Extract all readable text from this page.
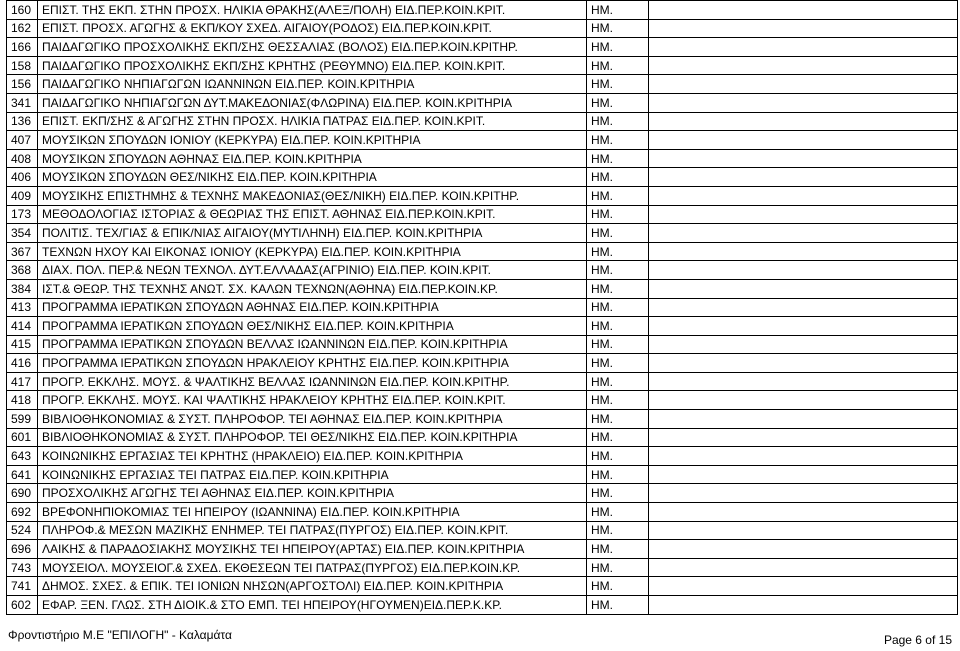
160	ΕΠΙΣΤ. ΤΗΣ ΕΚΠ. ΣΤΗΝ ΠΡΟΣΧ. ΗΛΙΚΙΑ ΘΡΑΚΗΣ(ΑΛΕΞ/ΠΟΛΗ) ΕΙΔ.ΠΕΡ.ΚΟΙΝ.ΚΡΙΤ.	ΗΜ.	
162	ΕΠΙΣΤ. ΠΡΟΣΧ. ΑΓΩΓΗΣ & ΕΚΠ/ΚΟΥ ΣΧΕΔ. ΑΙΓΑΙΟΥ(ΡΟΔΟΣ) ΕΙΔ.ΠΕΡ.ΚΟΙΝ.ΚΡΙΤ.	ΗΜ.	
166	ΠΑΙΔΑΓΩΓΙΚΟ ΠΡΟΣΧΟΛΙΚΗΣ ΕΚΠ/ΣΗΣ ΘΕΣΣΑΛΙΑΣ (ΒΟΛΟΣ) ΕΙΔ.ΠΕΡ.ΚΟΙΝ.ΚΡΙΤΗΡ.	ΗΜ.	
158	ΠΑΙΔΑΓΩΓΙΚΟ ΠΡΟΣΧΟΛΙΚΗΣ ΕΚΠ/ΣΗΣ ΚΡΗΤΗΣ (ΡΕΘΥΜΝΟ) ΕΙΔ.ΠΕΡ. ΚΟΙΝ.ΚΡΙΤ.	ΗΜ.	
156	ΠΑΙΔΑΓΩΓΙΚΟ ΝΗΠΙΑΓΩΓΩΝ ΙΩΑΝΝΙΝΩΝ ΕΙΔ.ΠΕΡ. ΚΟΙΝ.ΚΡΙΤΗΡΙΑ	ΗΜ.	
341	ΠΑΙΔΑΓΩΓΙΚΟ ΝΗΠΙΑΓΩΓΩΝ ΔΥΤ.ΜΑΚΕΔΟΝΙΑΣ(ΦΛΩΡΙΝΑ) ΕΙΔ.ΠΕΡ. ΚΟΙΝ.ΚΡΙΤΗΡΙΑ	ΗΜ.	
136	ΕΠΙΣΤ. ΕΚΠ/ΣΗΣ & ΑΓΩΓΗΣ ΣΤΗΝ ΠΡΟΣΧ. ΗΛΙΚΙΑ ΠΑΤΡΑΣ ΕΙΔ.ΠΕΡ. ΚΟΙΝ.ΚΡΙΤ.	ΗΜ.	
407	ΜΟΥΣΙΚΩΝ ΣΠΟΥΔΩΝ ΙΟΝΙΟΥ (ΚΕΡΚΥΡΑ) ΕΙΔ.ΠΕΡ. ΚΟΙΝ.ΚΡΙΤΗΡΙΑ	ΗΜ.	
408	ΜΟΥΣΙΚΩΝ ΣΠΟΥΔΩΝ ΑΘΗΝΑΣ ΕΙΔ.ΠΕΡ. ΚΟΙΝ.ΚΡΙΤΗΡΙΑ	ΗΜ.	
406	ΜΟΥΣΙΚΩΝ ΣΠΟΥΔΩΝ ΘΕΣ/ΝΙΚΗΣ ΕΙΔ.ΠΕΡ. ΚΟΙΝ.ΚΡΙΤΗΡΙΑ	ΗΜ.	
409	ΜΟΥΣΙΚΗΣ ΕΠΙΣΤΗΜΗΣ & ΤΕΧΝΗΣ ΜΑΚΕΔΟΝΙΑΣ(ΘΕΣ/ΝΙΚΗ) ΕΙΔ.ΠΕΡ. ΚΟΙΝ.ΚΡΙΤΗΡ.	ΗΜ.	
173	ΜΕΘΟΔΟΛΟΓΙΑΣ ΙΣΤΟΡΙΑΣ & ΘΕΩΡΙΑΣ ΤΗΣ ΕΠΙΣΤ. ΑΘΗΝΑΣ ΕΙΔ.ΠΕΡ.ΚΟΙΝ.ΚΡΙΤ.	ΗΜ.	
354	ΠΟΛΙΤΙΣ. ΤΕΧ/ΓΙΑΣ & ΕΠΙΚ/ΝΙΑΣ ΑΙΓΑΙΟΥ(ΜΥΤΙΛΗΝΗ) ΕΙΔ.ΠΕΡ. ΚΟΙΝ.ΚΡΙΤΗΡΙΑ	ΗΜ.	
367	ΤΕΧΝΩΝ ΗΧΟΥ ΚΑΙ ΕΙΚΟΝΑΣ ΙΟΝΙΟΥ (ΚΕΡΚΥΡΑ) ΕΙΔ.ΠΕΡ. ΚΟΙΝ.ΚΡΙΤΗΡΙΑ	ΗΜ.	
368	ΔΙΑΧ. ΠΟΛ. ΠΕΡ.& ΝΕΩΝ ΤΕΧΝΟΛ. ΔΥΤ.ΕΛΛΑΔΑΣ(ΑΓΡΙΝΙΟ) ΕΙΔ.ΠΕΡ. ΚΟΙΝ.ΚΡΙΤ.	ΗΜ.	
384	ΙΣΤ.& ΘΕΩΡ. ΤΗΣ ΤΕΧΝΗΣ ΑΝΩΤ. ΣΧ. ΚΑΛΩΝ ΤΕΧΝΩΝ(ΑΘΗΝΑ) ΕΙΔ.ΠΕΡ.ΚΟΙΝ.ΚΡ.	ΗΜ.	
413	ΠΡΟΓΡΑΜΜΑ ΙΕΡΑΤΙΚΩΝ ΣΠΟΥΔΩΝ ΑΘΗΝΑΣ ΕΙΔ.ΠΕΡ. ΚΟΙΝ.ΚΡΙΤΗΡΙΑ	ΗΜ.	
414	ΠΡΟΓΡΑΜΜΑ ΙΕΡΑΤΙΚΩΝ ΣΠΟΥΔΩΝ ΘΕΣ/ΝΙΚΗΣ ΕΙΔ.ΠΕΡ. ΚΟΙΝ.ΚΡΙΤΗΡΙΑ	ΗΜ.	
415	ΠΡΟΓΡΑΜΜΑ ΙΕΡΑΤΙΚΩΝ ΣΠΟΥΔΩΝ ΒΕΛΛΑΣ ΙΩΑΝΝΙΝΩΝ ΕΙΔ.ΠΕΡ. ΚΟΙΝ.ΚΡΙΤΗΡΙΑ	ΗΜ.	
416	ΠΡΟΓΡΑΜΜΑ ΙΕΡΑΤΙΚΩΝ ΣΠΟΥΔΩΝ ΗΡΑΚΛΕΙΟΥ ΚΡΗΤΗΣ ΕΙΔ.ΠΕΡ. ΚΟΙΝ.ΚΡΙΤΗΡΙΑ	ΗΜ.	
417	ΠΡΟΓΡ. ΕΚΚΛΗΣ. ΜΟΥΣ. & ΨΑΛΤΙΚΗΣ ΒΕΛΛΑΣ ΙΩΑΝΝΙΝΩΝ ΕΙΔ.ΠΕΡ. ΚΟΙΝ.ΚΡΙΤΗΡ.	ΗΜ.	
418	ΠΡΟΓΡ. ΕΚΚΛΗΣ. ΜΟΥΣ. ΚΑΙ ΨΑΛΤΙΚΗΣ ΗΡΑΚΛΕΙΟΥ ΚΡΗΤΗΣ ΕΙΔ.ΠΕΡ. ΚΟΙΝ.ΚΡΙΤ.	ΗΜ.	
599	ΒΙΒΛΙΟΘΗΚΟΝΟΜΙΑΣ & ΣΥΣΤ. ΠΛΗΡΟΦΟΡ. ΤΕΙ ΑΘΗΝΑΣ ΕΙΔ.ΠΕΡ. ΚΟΙΝ.ΚΡΙΤΗΡΙΑ	ΗΜ.	
601	ΒΙΒΛΙΟΘΗΚΟΝΟΜΙΑΣ & ΣΥΣΤ. ΠΛΗΡΟΦΟΡ. ΤΕΙ ΘΕΣ/ΝΙΚΗΣ ΕΙΔ.ΠΕΡ. ΚΟΙΝ.ΚΡΙΤΗΡΙΑ	ΗΜ.	
643	ΚΟΙΝΩΝΙΚΗΣ ΕΡΓΑΣΙΑΣ ΤΕΙ ΚΡΗΤΗΣ (ΗΡΑΚΛΕΙΟ) ΕΙΔ.ΠΕΡ. ΚΟΙΝ.ΚΡΙΤΗΡΙΑ	ΗΜ.	
641	ΚΟΙΝΩΝΙΚΗΣ ΕΡΓΑΣΙΑΣ ΤΕΙ ΠΑΤΡΑΣ ΕΙΔ.ΠΕΡ. ΚΟΙΝ.ΚΡΙΤΗΡΙΑ	ΗΜ.	
690	ΠΡΟΣΧΟΛΙΚΗΣ ΑΓΩΓΗΣ ΤΕΙ ΑΘΗΝΑΣ ΕΙΔ.ΠΕΡ. ΚΟΙΝ.ΚΡΙΤΗΡΙΑ	ΗΜ.	
692	ΒΡΕΦΟΝΗΠΙΟΚΟΜΙΑΣ ΤΕΙ ΗΠΕΙΡΟΥ (ΙΩΑΝΝΙΝΑ) ΕΙΔ.ΠΕΡ. ΚΟΙΝ.ΚΡΙΤΗΡΙΑ	ΗΜ.	
524	ΠΛΗΡΟΦ.& ΜΕΣΩΝ ΜΑΖΙΚΗΣ ΕΝΗΜΕΡ. ΤΕΙ ΠΑΤΡΑΣ(ΠΥΡΓΟΣ) ΕΙΔ.ΠΕΡ. ΚΟΙΝ.ΚΡΙΤ.	ΗΜ.	
696	ΛΑΙΚΗΣ & ΠΑΡΑΔΟΣΙΑΚΗΣ ΜΟΥΣΙΚΗΣ ΤΕΙ ΗΠΕΙΡΟΥ(ΑΡΤΑΣ) ΕΙΔ.ΠΕΡ. ΚΟΙΝ.ΚΡΙΤΗΡΙΑ	ΗΜ.	
743	ΜΟΥΣΕΙΟΛ. ΜΟΥΣΕΙΟΓ.& ΣΧΕΔ. ΕΚΘΕΣΕΩΝ ΤΕΙ ΠΑΤΡΑΣ(ΠΥΡΓΟΣ) ΕΙΔ.ΠΕΡ.ΚΟΙΝ.ΚΡ.	ΗΜ.	
741	ΔΗΜΟΣ. ΣΧΕΣ. & ΕΠΙΚ. ΤΕΙ ΙΟΝΙΩΝ ΝΗΣΩΝ(ΑΡΓΟΣΤΟΛΙ) ΕΙΔ.ΠΕΡ. ΚΟΙΝ.ΚΡΙΤΗΡΙΑ	ΗΜ.	
602	ΕΦΑΡ. ΞΕΝ. ΓΛΩΣ. ΣΤΗ ΔΙΟΙΚ.& ΣΤΟ ΕΜΠ. ΤΕΙ ΗΠΕΙΡΟΥ(ΗΓΟΥΜΕΝ)ΕΙΔ.ΠΕΡ.Κ.ΚΡ.	ΗΜ.	
Φροντιστήριο Μ.Ε "ΕΠΙΛΟΓΗ" - Καλαμάτα	Page 6 of 15
